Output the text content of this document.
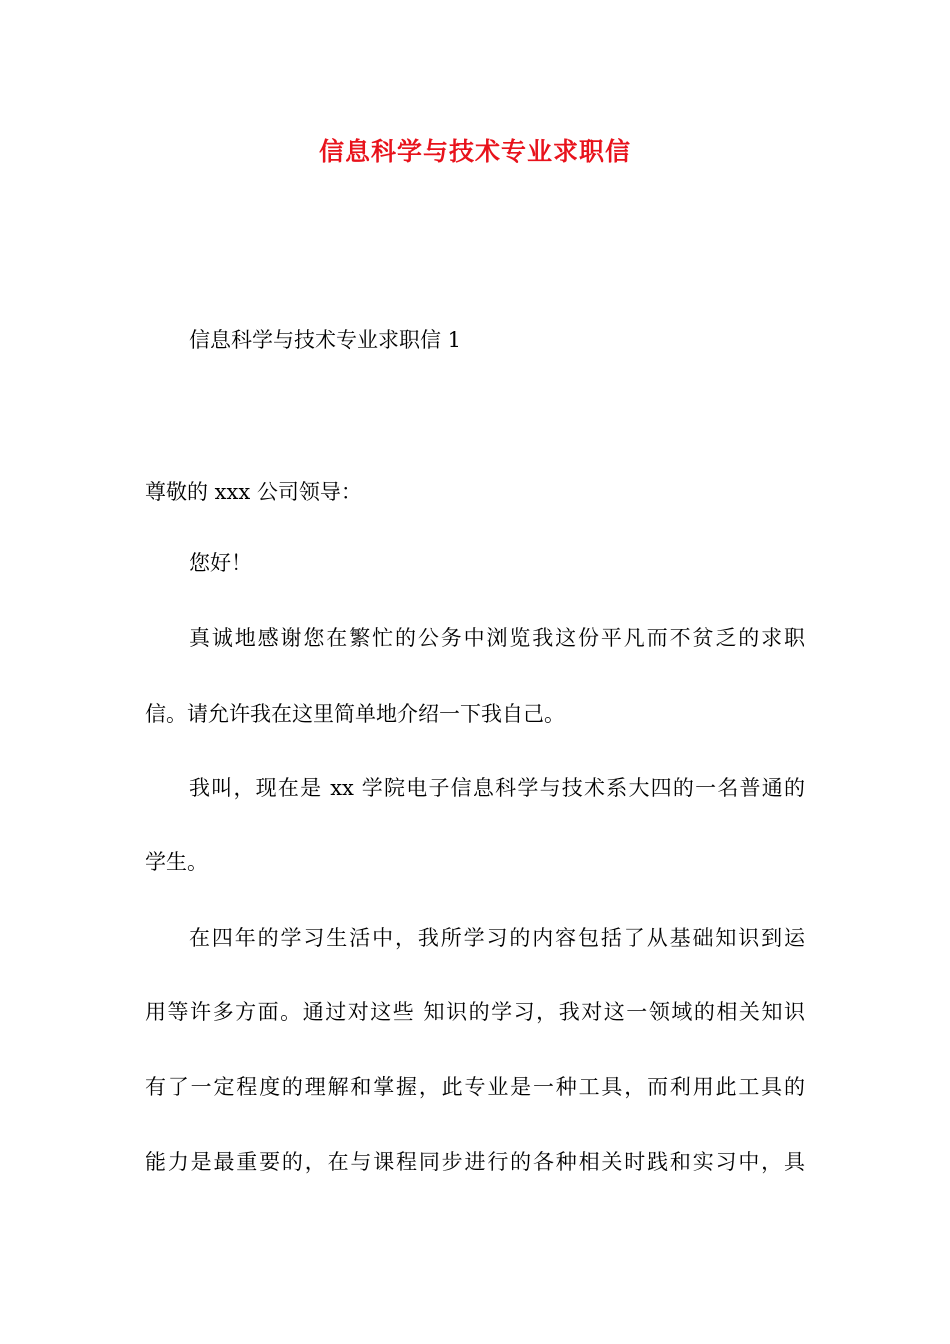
信息科学与技术专业求职信
信息科学与技术专业求职信 1
尊敬的 xxx 公司领导：
您好！
真诚地感谢您在繁忙的公务中浏览我这份平凡而不贫乏的求职
信。请允许我在这里简单地介绍一下我自己。
我叫，现在是 xx 学院电子信息科学与技术系大四的一名普通的
学生。
在四年的学习生活中，我所学习的内容包括了从基础知识到运
用等许多方面。通过对这些 知识的学习，我对这一领域的相关知识
有了一定程度的理解和掌握，此专业是一种工具，而利用此工具的
能力是最重要的，在与课程同步进行的各种相关时践和实习中，具
